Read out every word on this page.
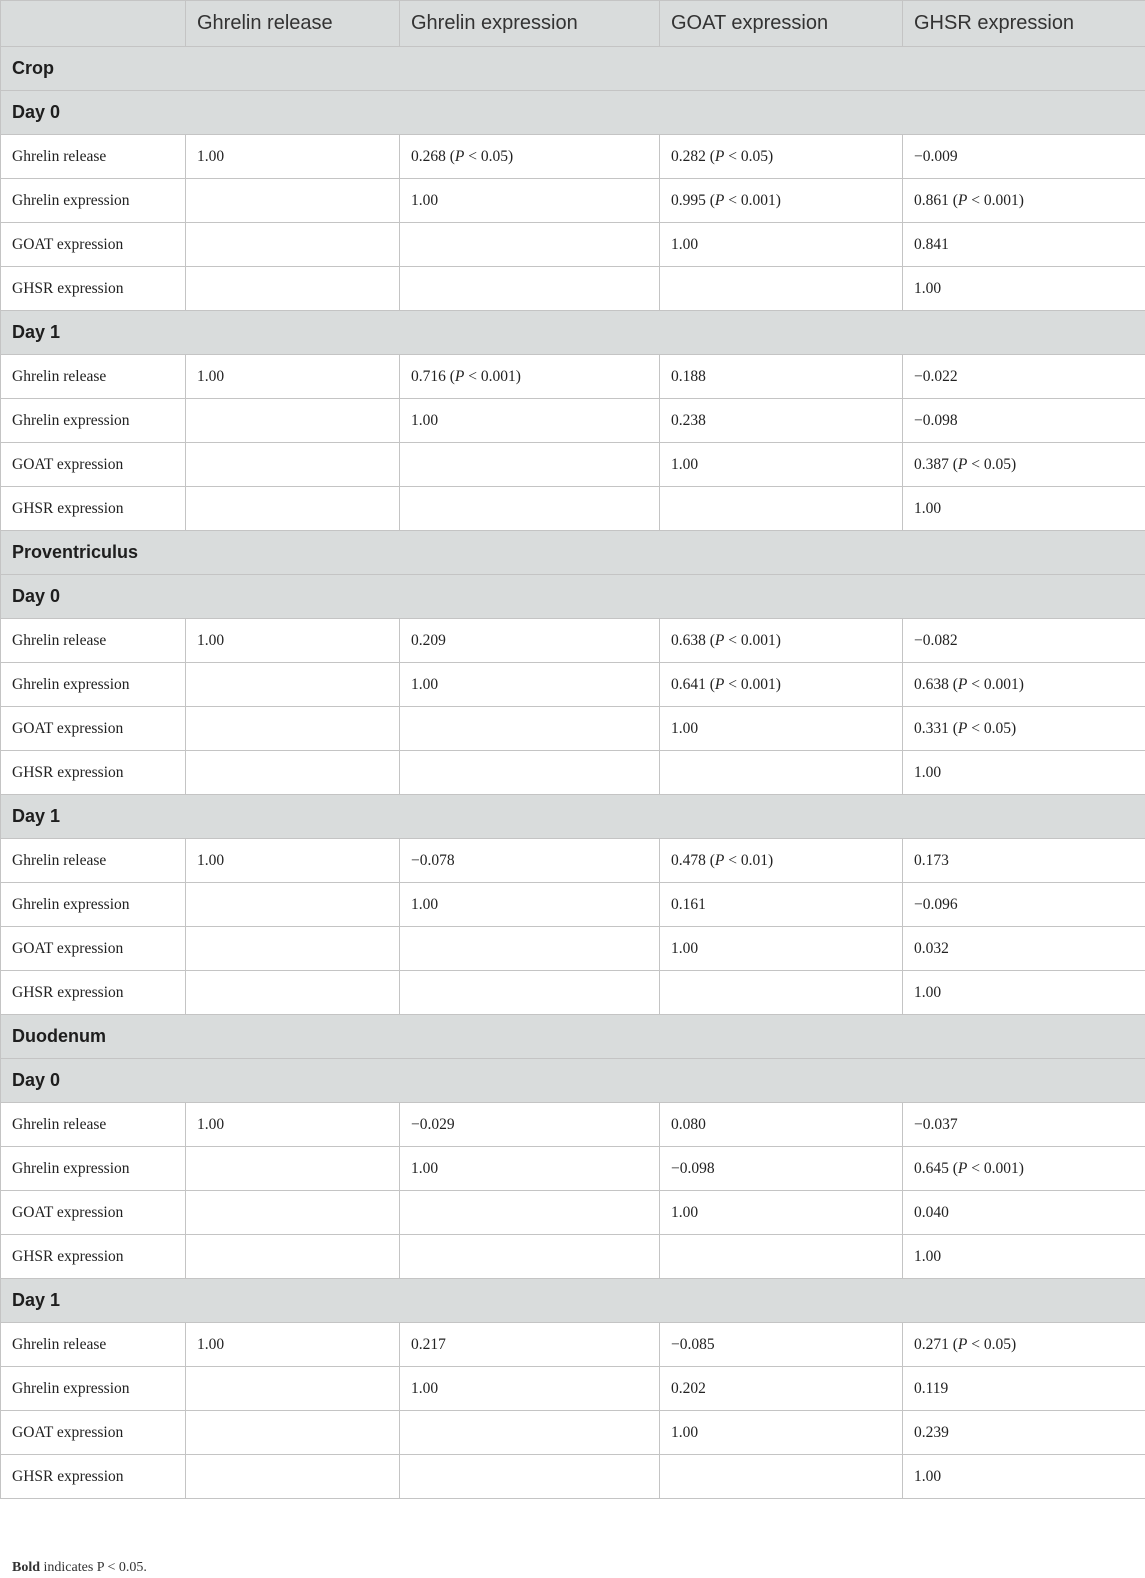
	Ghrelin release	Ghrelin expression	GOAT expression	GHSR expression
Crop				
Day 0				
Ghrelin release	1.00	0.268 (P < 0.05)	0.282 (P < 0.05)	−0.009
Ghrelin expression		1.00	0.995 (P < 0.001)	0.861 (P < 0.001)
GOAT expression			1.00	0.841
GHSR expression				1.00
Day 1				
Ghrelin release	1.00	0.716 (P < 0.001)	0.188	−0.022
Ghrelin expression		1.00	0.238	−0.098
GOAT expression			1.00	0.387 (P < 0.05)
GHSR expression				1.00
Proventriculus				
Day 0				
Ghrelin release	1.00	0.209	0.638 (P < 0.001)	−0.082
Ghrelin expression		1.00	0.641 (P < 0.001)	0.638 (P < 0.001)
GOAT expression			1.00	0.331 (P < 0.05)
GHSR expression				1.00
Day 1				
Ghrelin release	1.00	−0.078	0.478 (P < 0.01)	0.173
Ghrelin expression		1.00	0.161	−0.096
GOAT expression			1.00	0.032
GHSR expression				1.00
Duodenum				
Day 0				
Ghrelin release	1.00	−0.029	0.080	−0.037
Ghrelin expression		1.00	−0.098	0.645 (P < 0.001)
GOAT expression			1.00	0.040
GHSR expression				1.00
Day 1				
Ghrelin release	1.00	0.217	−0.085	0.271 (P < 0.05)
Ghrelin expression		1.00	0.202	0.119
GOAT expression			1.00	0.239
GHSR expression				1.00
Bold indicates P < 0.05.
